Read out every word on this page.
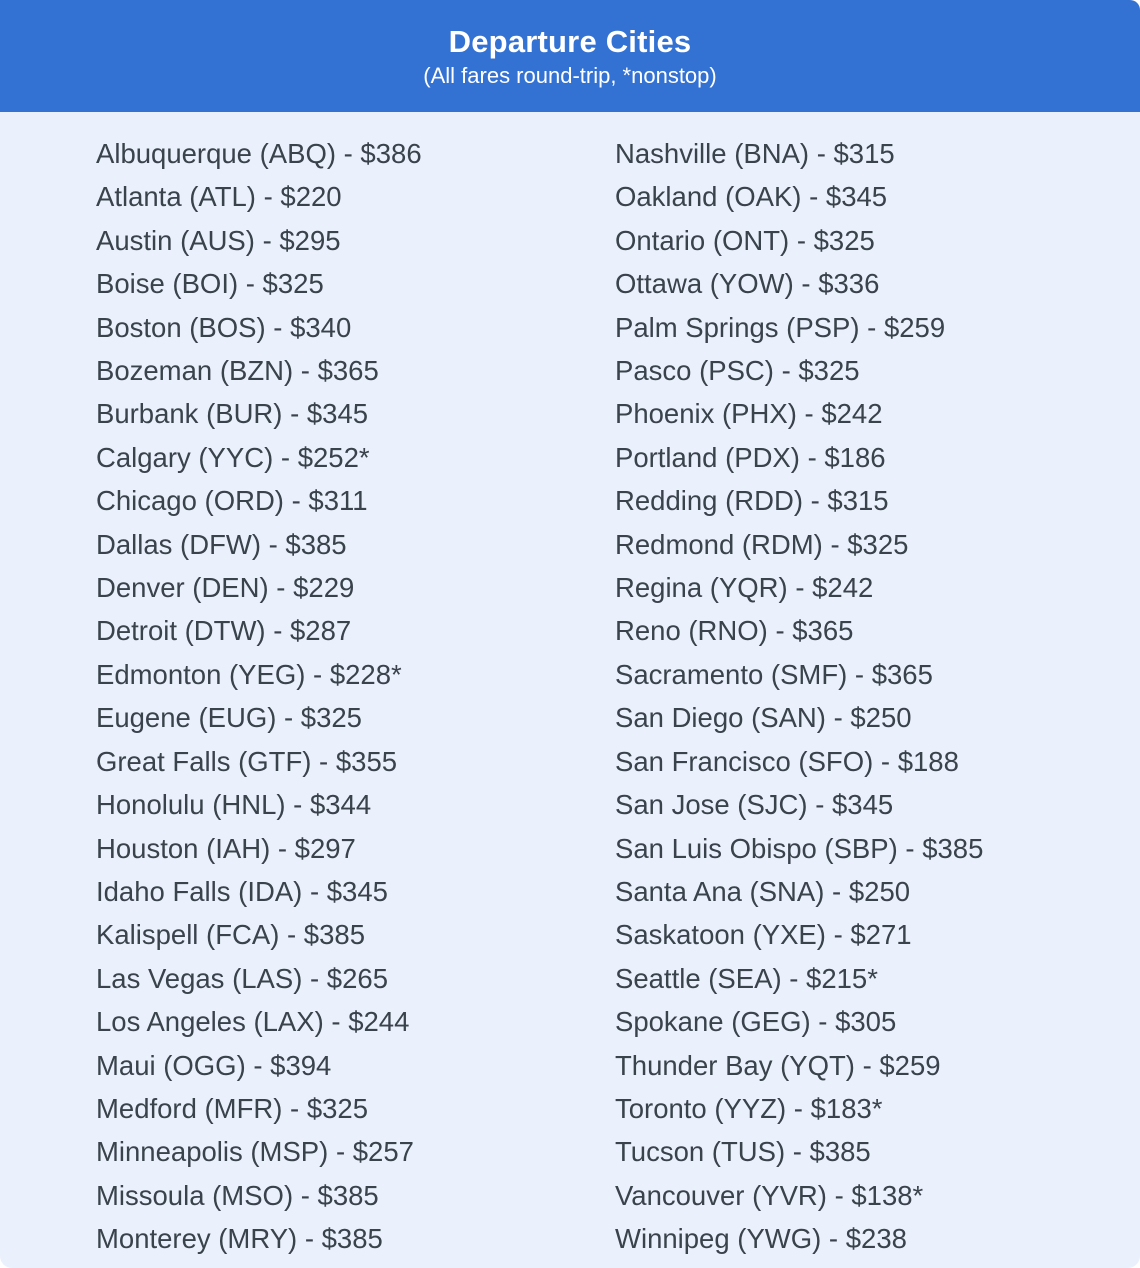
Departure Cities
(All fares round-trip, *nonstop)
Albuquerque (ABQ) - $386
Atlanta (ATL) - $220
Austin (AUS) - $295
Boise (BOI) - $325
Boston (BOS) - $340
Bozeman (BZN) - $365
Burbank (BUR) - $345
Calgary (YYC) - $252*
Chicago (ORD) - $311
Dallas (DFW) - $385
Denver (DEN) - $229
Detroit (DTW) - $287
Edmonton (YEG) - $228*
Eugene (EUG) - $325
Great Falls (GTF) - $355
Honolulu (HNL) - $344
Houston (IAH) - $297
Idaho Falls (IDA) - $345
Kalispell (FCA) - $385
Las Vegas (LAS) - $265
Los Angeles (LAX) - $244
Maui (OGG) - $394
Medford (MFR) - $325
Minneapolis (MSP) - $257
Missoula (MSO) - $385
Monterey (MRY) - $385
Nashville (BNA) - $315
Oakland (OAK) - $345
Ontario (ONT) - $325
Ottawa (YOW) - $336
Palm Springs (PSP) - $259
Pasco (PSC) - $325
Phoenix (PHX) - $242
Portland (PDX) - $186
Redding (RDD) - $315
Redmond (RDM) - $325
Regina (YQR) - $242
Reno (RNO) - $365
Sacramento (SMF) - $365
San Diego (SAN) - $250
San Francisco (SFO) - $188
San Jose (SJC) - $345
San Luis Obispo (SBP) - $385
Santa Ana (SNA) - $250
Saskatoon (YXE) - $271
Seattle (SEA) - $215*
Spokane (GEG) - $305
Thunder Bay (YQT) - $259
Toronto (YYZ) - $183*
Tucson (TUS) - $385
Vancouver (YVR) - $138*
Winnipeg (YWG) - $238
